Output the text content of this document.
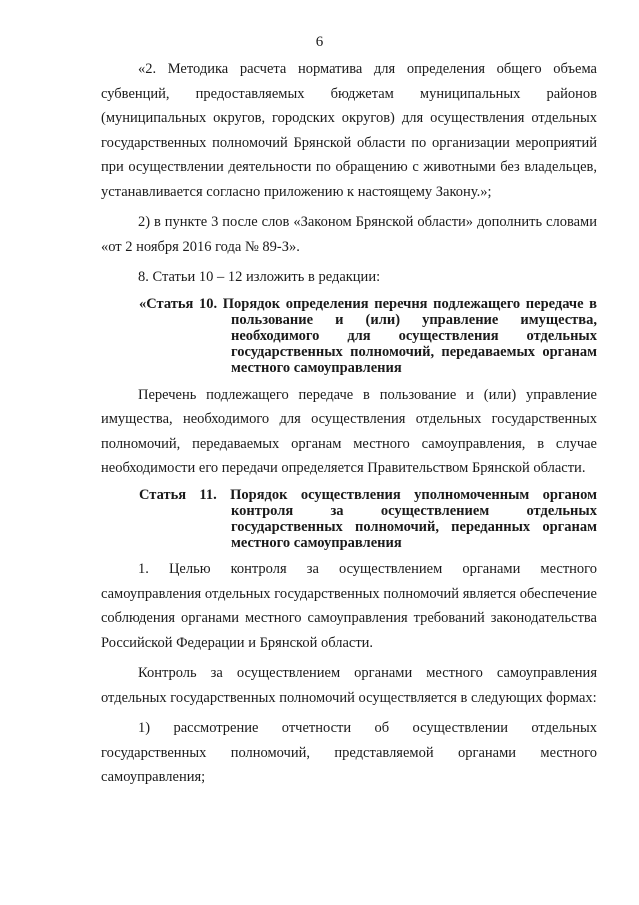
6

«2. Методика расчета норматива для определения общего объема субвенций, предоставляемых бюджетам муниципальных районов (муниципальных округов, городских округов) для осуществления отдельных государственных полномочий Брянской области по организации мероприятий при осуществлении деятельности по обращению с животными без владельцев, устанавливается согласно приложению к настоящему Закону.»;

2) в пункте 3 после слов «Законом Брянской области» дополнить словами «от 2 ноября 2016 года № 89-З».

8. Статьи 10 – 12 изложить в редакции:

«Статья 10. Порядок определения перечня подлежащего передаче в пользование и (или) управление имущества, необходимого для осуществления отдельных государственных полномочий, передаваемых органам местного самоуправления

Перечень подлежащего передаче в пользование и (или) управление имущества, необходимого для осуществления отдельных государственных полномочий, передаваемых органам местного самоуправления, в случае необходимости его передачи определяется Правительством Брянской области.

Статья 11. Порядок осуществления уполномоченным органом контроля за осуществлением отдельных государственных полномочий, переданных органам местного самоуправления

1. Целью контроля за осуществлением органами местного самоуправления отдельных государственных полномочий является обеспечение соблюдения органами местного самоуправления требований законодательства Российской Федерации и Брянской области.

Контроль за осуществлением органами местного самоуправления отдельных государственных полномочий осуществляется в следующих формах:

1) рассмотрение отчетности об осуществлении отдельных государственных полномочий, представляемой органами местного самоуправления;
